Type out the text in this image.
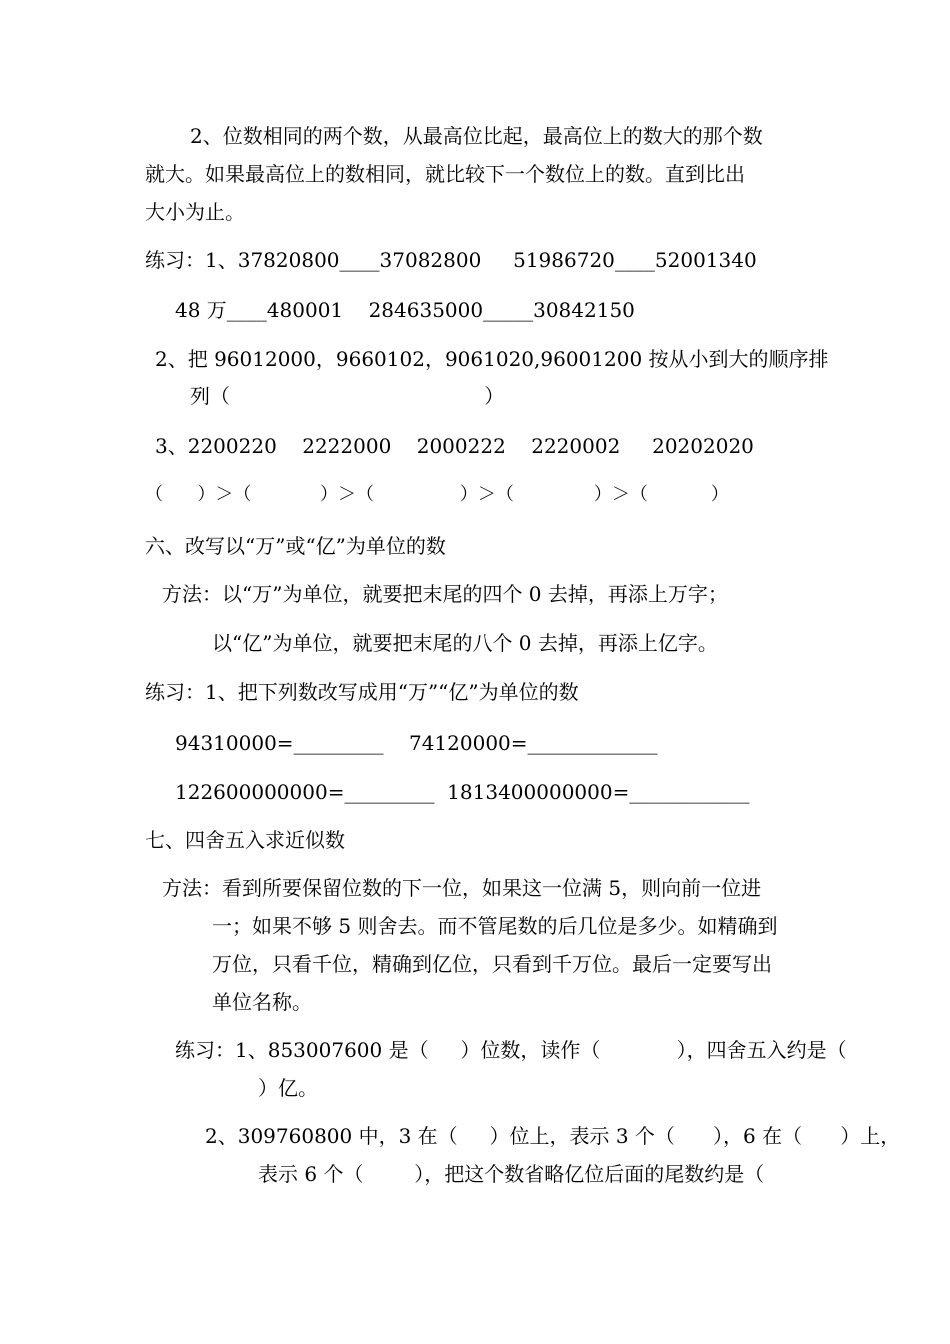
2、位数相同的两个数，从最高位比起，最高位上的数大的那个数
就大。如果最高位上的数相同，就比较下一个数位上的数。直到比出
大小为止。
练习：1、37820800____37082800     51986720____52001340
48 万____480001    284635000_____30842150
2、把 96012000，9660102，9061020,96001200 按从小到大的顺序排
列（                                        ）
3、2200220    2222000    2000222    2220002     20202020
（      ）＞（            ）＞（               ）＞（              ）＞（           ）
六、改写以“万”或“亿”为单位的数
方法：以“万”为单位，就要把末尾的四个 0 去掉，再添上万字；
以“亿”为单位，就要把末尾的八个 0 去掉，再添上亿字。
练习：1、把下列数改写成用“万”“亿”为单位的数
94310000=_________    74120000=_____________
122600000000=_________  1813400000000=____________
七、四舍五入求近似数
方法：看到所要保留位数的下一位，如果这一位满 5，则向前一位进
一；如果不够 5 则舍去。而不管尾数的后几位是多少。如精确到
万位，只看千位，精确到亿位，只看到千万位。最后一定要写出
单位名称。
练习：1、853007600 是（     ）位数，读作（            ），四舍五入约是（
）亿。
2、309760800 中，3 在（     ）位上，表示 3 个（      ），6 在（      ）上，
表示 6 个（        ），把这个数省略亿位后面的尾数约是（
